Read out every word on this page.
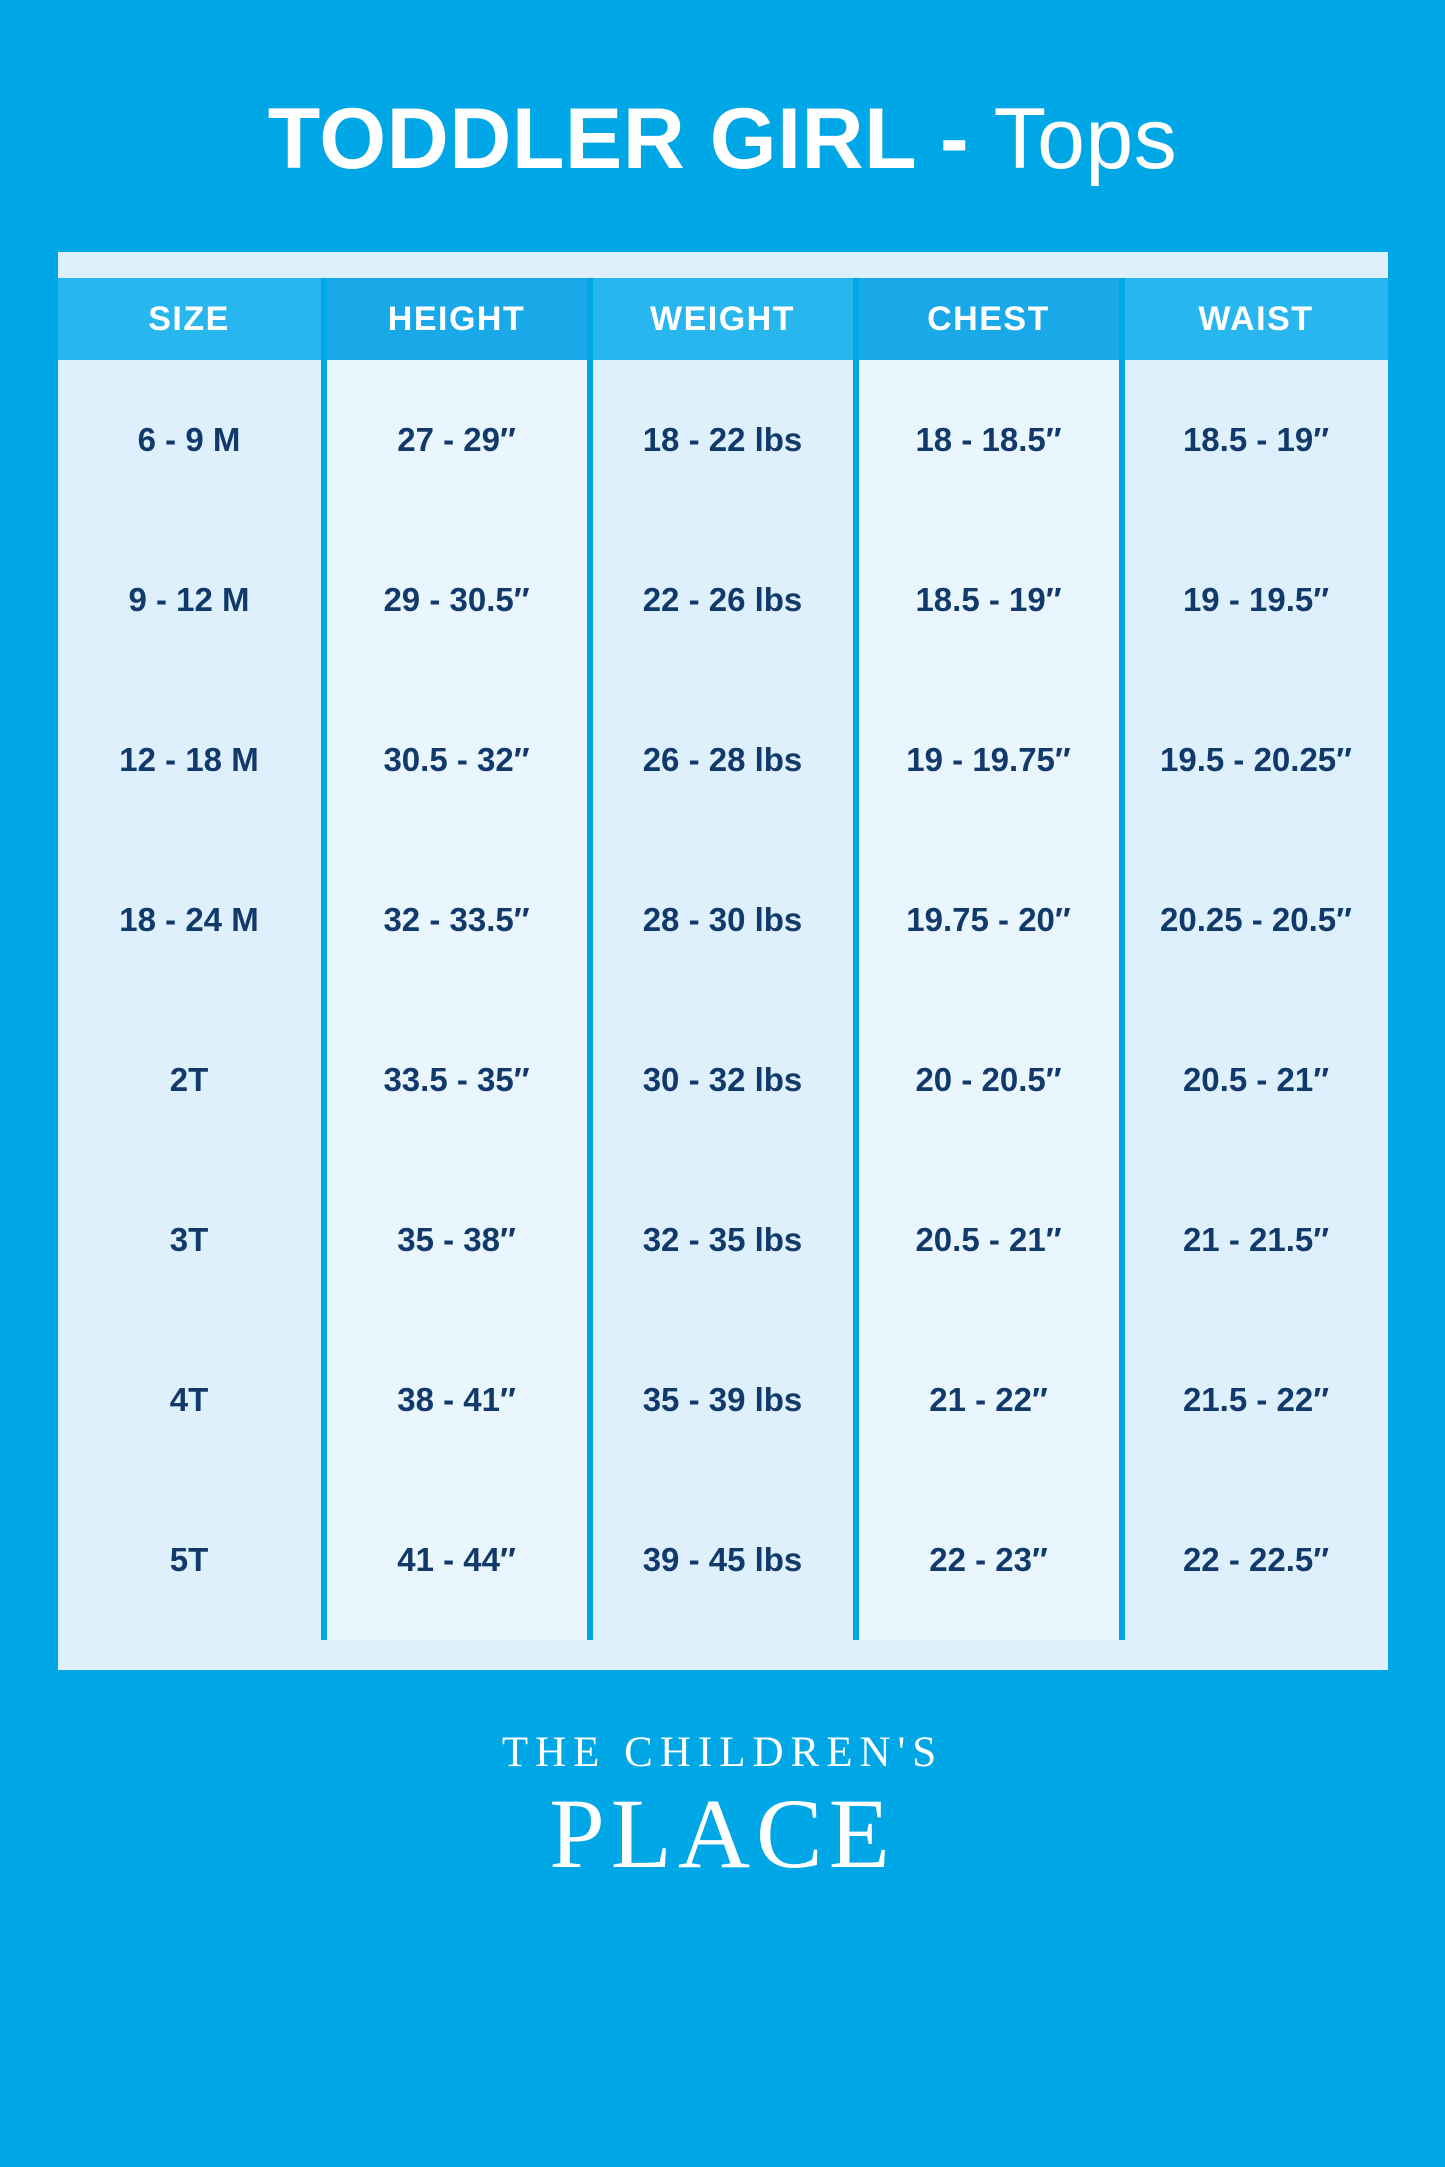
TODDLER GIRL - Tops
SIZE	HEIGHT	WEIGHT	CHEST	WAIST
6 - 9 M	27 - 29″	18 - 22 lbs	18 - 18.5″	18.5 - 19″
9 - 12 M	29 - 30.5″	22 - 26 lbs	18.5 - 19″	19 - 19.5″
12 - 18 M	30.5 - 32″	26 - 28 lbs	19 - 19.75″	19.5 - 20.25″
18 - 24 M	32 - 33.5″	28 - 30 lbs	19.75 - 20″	20.25 - 20.5″
2T	33.5 - 35″	30 - 32 lbs	20 - 20.5″	20.5 - 21″
3T	35 - 38″	32 - 35 lbs	20.5 - 21″	21 - 21.5″
4T	38 - 41″	35 - 39 lbs	21 - 22″	21.5 - 22″
5T	41 - 44″	39 - 45 lbs	22 - 23″	22 - 22.5″
THE CHILDREN'S
PLACE
